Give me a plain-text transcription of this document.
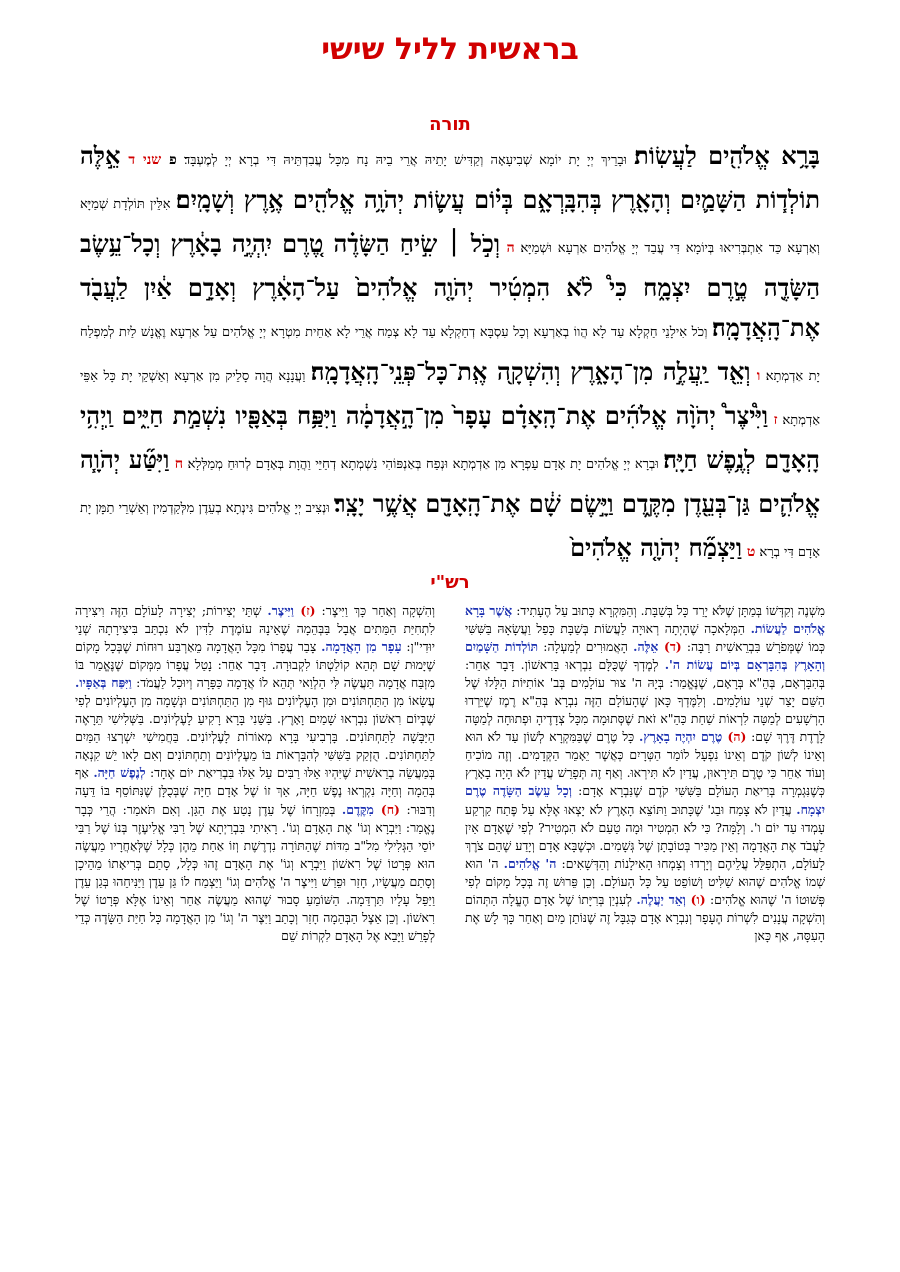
בראשית לליל שישי
תורה
בָּרָ֥א אֱלֹהִ֖ים לַעֲשֽׂוֹת׃ וּבָרֵיךְ יְיָ יָת יוֹמָא שְׁבִיעָאָה וְקַדִּישׁ יָתֵיהּ אֲרֵי בֵיהּ נָח מִכָּל עֲבִדְתֵּיהּ דִּי בְרָא יְיָ לְמֶעְבָּד׃ פ שני ד אֵ֣לֶּה תוֹלְד֧וֹת הַשָּׁמַ֛יִם וְהָאָ֖רֶץ בְּהִבָּֽרְאָ֑ם בְּי֗וֹם עֲשׂ֛וֹת יְהֹוָ֥ה אֱלֹהִ֖ים אֶ֥רֶץ וְשָׁמָֽיִם׃ אִלֵּין תּוֹלְדָת שְׁמַיָּא וְאַרְעָא כַּד אִתְבְּרִיאוּ בְּיוֹמָא דִּי עֲבַד יְיָ אֱלֹהִים אַרְעָא וּשְׁמַיָּא׃ ה וְכֹ֣ל ׀ שִׂ֣יחַ הַשָּׂדֶ֗ה טֶ֚רֶם יִֽהְיֶ֣ה בָאָ֔רֶץ וְכָל־עֵ֥שֶׂב הַשָּׂדֶ֖ה טֶ֣רֶם יִצְמָ֑ח כִּי֩ לֹ֨א הִמְטִ֜יר יְהֹוָ֤ה אֱלֹהִים֙ עַל־הָאָ֔רֶץ וְאָדָ֣ם אַ֔יִן לַֽעֲבֹ֖ד אֶת־הָֽאֲדָמָֽה׃ וְכֹל אִילָנֵי חַקְלָא עַד לָא הֲווֹ בְאַרְעָא וְכָל עִסְבָּא דְחַקְלָא עַד לָא צְמַח אֲרֵי לָא אַחֵית מִטְרָא יְיָ אֱלֹהִים עַל אַרְעָא וֶאֱנָשׁ לַיִת לְמִפְלַח יָת אַדְמְתָא׃ ו וְאֵ֖ד יַֽעֲלֶ֣ה מִן־הָאָ֑רֶץ וְהִשְׁקָ֖ה אֶֽת־כָּל־פְּנֵֽי־הָֽאֲדָמָֽה׃ וַעֲנָנָא הֲוָה סָלֵיק מִן אַרְעָא וְאַשְׁקֵי יָת כָּל אַפֵּי אַדְמְתָא׃ ז וַיִּ֩יצֶר֩ יְהֹוָ֨ה אֱלֹהִ֜ים אֶת־הָֽאָדָ֗ם עָפָר֙ מִן־הָ֣אֲדָמָ֔ה וַיִּפַּ֥ח בְּאַפָּ֖יו נִשְׁמַ֣ת חַיִּ֑ים וַֽיְהִ֥י הָֽאָדָ֖ם לְנֶ֥פֶשׁ חַיָּֽה׃ וּבְרָא יְיָ אֱלֹהִים יָת אָדָם עַפְרָא מִן אַדְמְתָא וּנְפַח בְּאַנְפּוֹהִי נִשְׁמְתָא דְחַיֵּי וַהֲוָת בְּאָדָם לְרוּחַ מְמַלְּלָא׃ ח וַיִּטַּ֞ע יְהֹוָ֧ה אֱלֹהִ֛ים גַּן־בְּעֵ֖דֶן מִקֶּ֑דֶם וַיָּ֣שֶׂם שָׁ֔ם אֶת־הָֽאָדָ֖ם אֲשֶׁ֥ר יָצָֽר׃ וּנְצִיב יְיָ אֱלֹהִים גִּינְתָא בְעֵדֶן מִלְּקַדְמִין וְאַשְׁרֵי תַמָּן יָת אָדָם דִּי בְרָא׃ ט וַיַּצְמַ֞ח יְהֹוָ֤ה אֱלֹהִים֙
רש"י
מִשְׁנֶה וְקִדְּשׁוֹ בְּמַתָּן שֶׁלֹּא יָרַד כָּל בְּשַׁבָּת. וְהַמִּקְרָא כָּתוּב עַל הֶעָתִיד: אֲשֶׁר בָּרָא אֱלֹהִים לַעֲשׂוֹת. הַמְּלָאכָה שֶׁהָיְתָה רְאוּיָה לַעֲשׂוֹת בְּשַׁבָּת כָּפַל וַעֲשָׂאָהּ בַּשִּׁשִּׁי כְּמוֹ שֶׁמְּפֹרָשׁ בִּבְרֵאשִׁית רַבָּה: (ד) אֵלֶּה. הָאֲמוּרִים לְמַעְלָה: תּוֹלְדוֹת הַשָּׁמַיִם וְהָאָרֶץ בְּהִבָּרְאָם בְּיוֹם עֲשׂוֹת ה'. לְמֶדְךָ שֶׁכֻּלָּם נִבְרְאוּ בָּרִאשׁוֹן. דָּבָר אַחֵר: בְּהִבָּרְאָם, בְּהֵ"א בְּרָאָם, שֶׁנֶּאֱמַר: בְּיָהּ ה' צוּר עוֹלָמִים בְּב' אוֹתִיּוֹת הַלָּלוּ שֶׁל הַשֵּׁם יָצַר שְׁנֵי עוֹלָמִים. וְלִמֶּדְךָ כָּאן שֶׁהָעוֹלָם הַזֶּה נִבְרָא בְּהֵ"א רֶמֶז שֶׁיֵּרְדוּ הָרְשָׁעִים לְמַטָּה לִרְאוֹת שַׁחַת כַּהֵ"א זֹאת שֶׁסְּתוּמָה מִכָּל צְדָדֶיהָ וּפְתוּחָה לְמַטָּה לָרֶדֶת דֶּרֶךְ שָׁם: (ה) טֶרֶם יִהְיֶה בָאָרֶץ. כָּל טֶרֶם שֶׁבַּמִּקְרָא לְשׁוֹן עַד לֹא הוּא וְאֵינוֹ לְשׁוֹן קֹדֶם וְאֵינוֹ נִפְעָל לוֹמַר הַטְּרָיִם כְּאֲשֶׁר יֵאָמֵר הַקְּדָמִים. וְזֶה מוֹכִיחַ וְעוֹד אַחֵר כִּי טֶרֶם תִּירָאוּן, עֲדַיִן לֹא תִּירְאוּ. וְאַף זֶה תְּפָרֵשׁ עֲדַיִן לֹא הָיָה בָאָרֶץ כְּשֶׁנִּגְמְרָה בְּרִיאַת הָעוֹלָם בַּשִּׁשִּׁי קֹדֶם שֶׁנִּבְרָא אָדָם: וְכָל עֵשֶׂב הַשָּׂדֶה טֶרֶם יִצְמָח. עֲדַיִן לֹא צָמַח וּבַג' שֶׁכָּתוּב וַתּוֹצֵא הָאָרֶץ לֹא יָצְאוּ אֶלָּא עַל פֶּתַח קַרְקַע עָמְדוּ עַד יוֹם ו'. וְלָמָּה? כִּי לֹא הִמְטִיר וּמָה טַעַם לֹא הִמְטִיר? לְפִי שֶׁאָדָם אַיִן לַעֲבֹד אֶת הָאֲדָמָה וְאֵין מַכִּיר בְּטוֹבָתָן שֶׁל גְּשָׁמִים. וּכְשֶׁבָּא אָדָם וְיָדַע שֶׁהֵם צֹרֶךְ לָעוֹלָם, הִתְפַּלֵּל עֲלֵיהֶם וְיָרְדוּ וְצָמְחוּ הָאִילָנוֹת וְהַדְּשָׁאִים: ה' אֱלֹהִים. ה' הוּא שְׁמוֹ אֱלֹהִים שֶׁהוּא שַׁלִּיט וְשׁוֹפֵט עַל כָּל הָעוֹלָם. וְכֵן פֵּרוּשׁ זֶה בְּכָל מָקוֹם לְפִי פְּשׁוּטוֹ ה' שֶׁהוּא אֱלֹהִים: (ו) וְאֵד יַעֲלֶה. לְעִנְיַן בְּרִיָּתוֹ שֶׁל אָדָם הֶעֱלָה הַתְּהוֹם וְהִשְׁקָה עֲנָנִים לִשְׁרוֹת הֶעָפָר וְנִבְרָא אָדָם כְּגַבָּל זֶה שֶׁנּוֹתֵן מַיִם וְאַחַר כָּךְ לָשׁ אֶת הָעִסָּה, אַף כָּאן
וְהִשְׁקָה וְאַחַר כָּךְ וַיִּיצֶר: (ז) וַיִּיצֶר. שְׁתֵּי יְצִירוֹת; יְצִירָה לָעוֹלָם הַזֶּה וִיצִירָה לִתְחִיַּת הַמֵּתִים אֲבָל בַּבְּהֵמָה שֶׁאֵינָהּ עוֹמֶדֶת לַדִּין לֹא נִכְתַּב בִּיצִירָתָהּ שְׁנֵי יוּדִי"ן: עָפָר מִן הָאֲדָמָה. צָבַר עֲפָרוֹ מִכָּל הָאֲדָמָה מֵאַרְבַּע רוּחוֹת שֶׁבְּכָל מָקוֹם שֶׁיָּמוּת שָׁם תְּהֵא קוֹלַטְתּוֹ לִקְבוּרָה. דָּבָר אַחֵר: נָטַל עֲפָרוֹ מִמְּקוֹם שֶׁנֶּאֱמַר בּוֹ מִזְבַּח אֲדָמָה תַּעֲשֶׂה לִּי הַלְוַאי תְּהֵא לוֹ אֲדָמָה כַּפָּרָה וְיוּכַל לַעֲמֹד: וַיִּפַּח בְּאַפָּיו. עֲשָׂאוֹ מִן הַתַּחְתּוֹנִים וּמִן הָעֶלְיוֹנִים גּוּף מִן הַתַּחְתּוֹנִים וּנְשָׁמָה מִן הָעֶלְיוֹנִים לְפִי שֶׁבְּיוֹם רִאשׁוֹן נִבְרְאוּ שָׁמַיִם וָאָרֶץ. בַּשֵּׁנִי בָּרָא רָקִיעַ לָעֶלְיוֹנִים. בַּשְּׁלִישִׁי תֵּרָאֶה הַיַּבָּשָׁה לַתַּחְתּוֹנִים. בָּרְבִיעִי בָּרָא מְאוֹרוֹת לָעֶלְיוֹנִים. בַּחֲמִישִׁי יִשְׁרְצוּ הַמַּיִם לַתַּחְתּוֹנִים. הֻזְקַק בַּשִּׁשִּׁי לְהִבָּרְאוֹת בּוֹ מֵעֶלְיוֹנִים וְתַחְתּוֹנִים וְאִם לָאו יֵשׁ קִנְאָה בְּמַעֲשֵׂה בְרֵאשִׁית שֶׁיִּהְיוּ אֵלּוּ רַבִּים עַל אֵלּוּ בִּבְרִיאַת יוֹם אֶחָד: לְנֶפֶשׁ חַיָּה. אַף בְּהֵמָה וְחַיָּה נִקְרְאוּ נֶפֶשׁ חַיָּה, אַךְ זוֹ שֶׁל אָדָם חַיָּה שֶׁבְּכֻלָּן שֶׁנִּתּוֹסֵף בּוֹ דֵּעָה וְדִבּוּר: (ח) מִקֶּדֶם. בְּמִזְרָחוֹ שֶׁל עֵדֶן נָטַע אֶת הַגַּן. וְאִם תֹּאמַר: הֲרֵי כְּבָר נֶאֱמַר: וַיִּבְרָא וְגוֹ' אֶת הָאָדָם וְגוֹ'. רָאִיתִי בִּבְרַיְתָא שֶׁל רַבִּי אֱלִיעֶזֶר בְּנוֹ שֶׁל רַבִּי יוֹסֵי הַגְּלִילִי מִל"ב מִדּוֹת שֶׁהַתּוֹרָה נִדְרֶשֶׁת וְזוֹ אַחַת מֵהֶן כְּלָל שֶׁלְּאַחֲרָיו מַעֲשֶׂה הוּא פְּרָטוֹ שֶׁל רִאשׁוֹן וַיִּבְרָא וְגוֹ' אֶת הָאָדָם זֶהוּ כְּלָל, סָתַם בְּרִיאָתוֹ מֵהֵיכָן וְסָתַם מַעֲשָׂיו, חָזַר וּפֵרַשׁ וַיִּיצֶר ה' אֱלֹהִים וְגוֹ' וַיַּצְמַח לוֹ גַּן עֵדֶן וַיַּנִּיחֵהוּ בְּגַן עֵדֶן וַיַּפֵּל עָלָיו תַּרְדֵּמָה. הַשּׁוֹמֵעַ סָבוּר שֶׁהוּא מַעֲשֶׂה אַחֵר וְאֵינוֹ אֶלָּא פְּרָטוֹ שֶׁל רִאשׁוֹן. וְכֵן אֵצֶל הַבְּהֵמָה חָזַר וְכָתַב וַיִּצֶר ה' וְגוֹ' מִן הָאֲדָמָה כָּל חַיַּת הַשָּׂדֶה כְּדֵי לְפָרֵשׁ וַיָּבֵא אֶל הָאָדָם לִקְרוֹת שֵׁם
